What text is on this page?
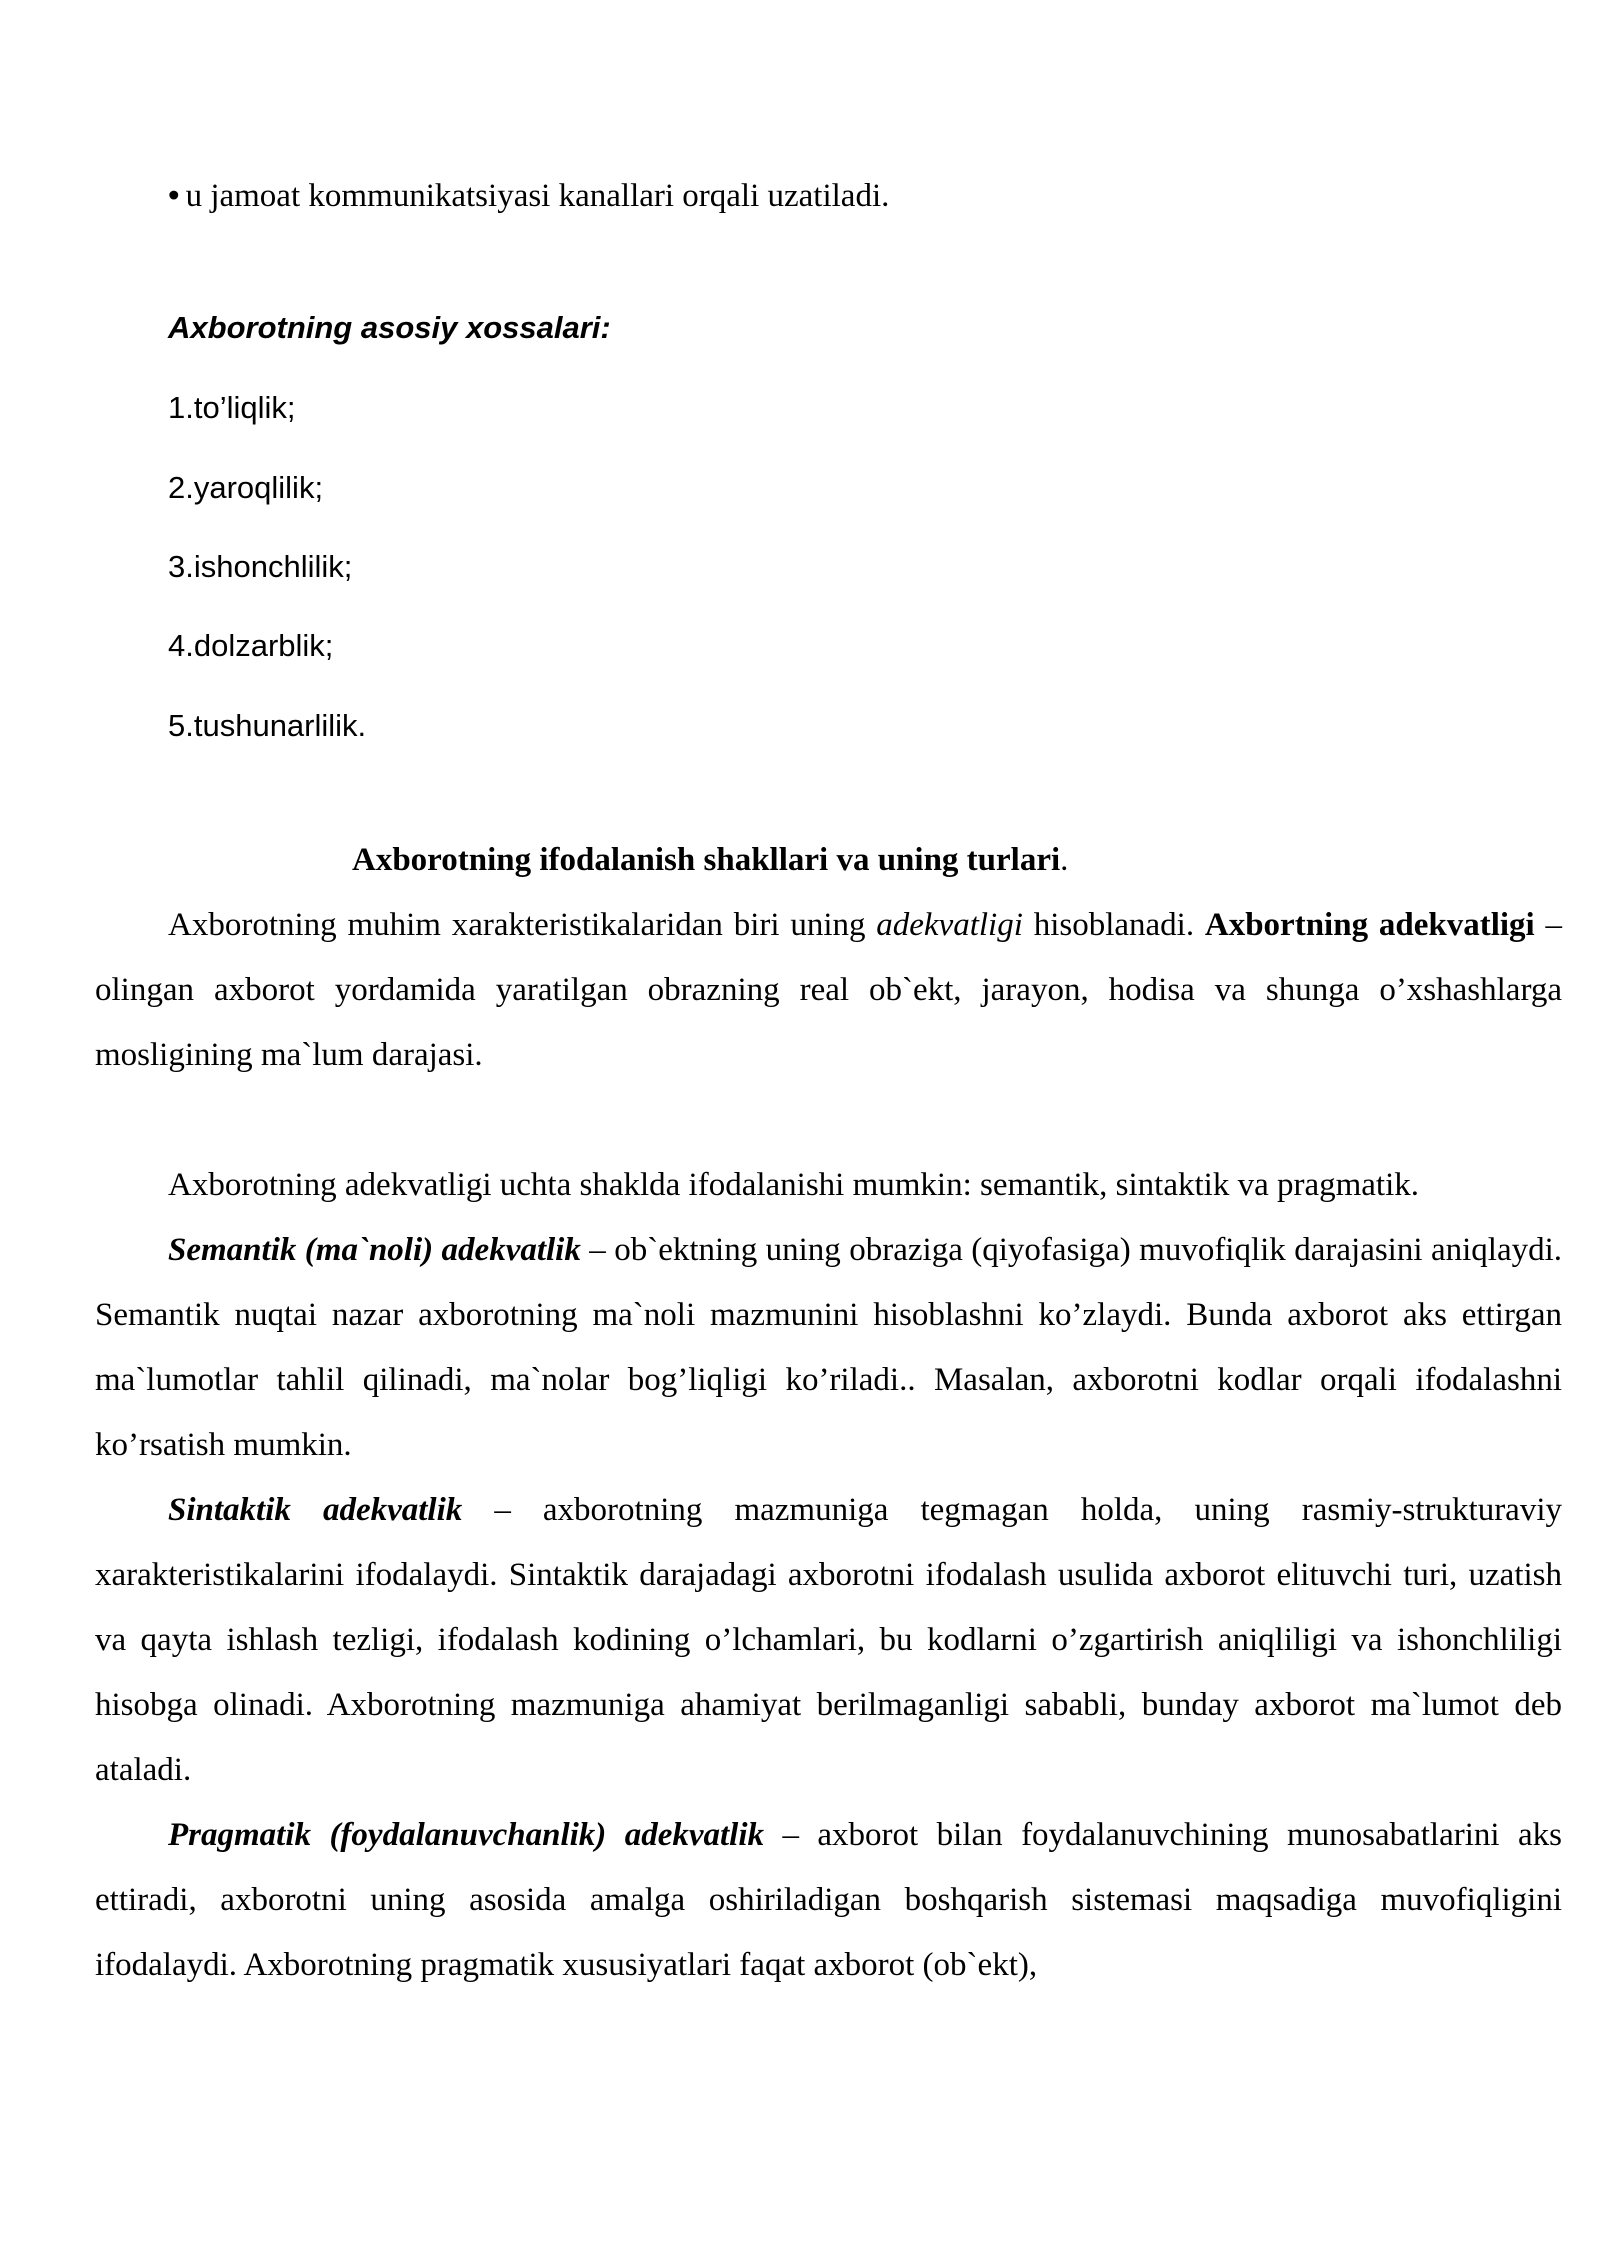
• u jamoat kommunikatsiyasi kanallari orqali uzatiladi.
Axborotning asosiy xossalari:
1.to’liqlik;
2.yaroqlilik;
3.ishonchlilik;
4.dolzarblik;
5.tushunarlilik.
Axborotning ifodalanish shakllari va uning turlari.

Axborotning muhim xarakteristikalaridan biri uning adekvatligi hisoblanadi. Axbortning adekvatligi – olingan axborot yordamida yaratilgan obrazning real ob`ekt, jarayon, hodisa va shunga o’xshashlarga mosligining ma`lum darajasi.

Axborotning adekvatligi uchta shaklda ifodalanishi mumkin: semantik, sintaktik va pragmatik.

Semantik (ma`noli) adekvatlik – ob`ektning uning obraziga (qiyofasiga) muvofiqlik darajasini aniqlaydi. Semantik nuqtai nazar axborotning ma`noli mazmunini hisoblashni ko’zlaydi. Bunda axborot aks ettirgan ma`lumotlar tahlil qilinadi, ma`nolar bog’liqligi ko’riladi.. Masalan, axborotni kodlar orqali ifodalashni ko’rsatish mumkin.

Sintaktik adekvatlik – axborotning mazmuniga tegmagan holda, uning rasmiy-strukturaviy xarakteristikalarini ifodalaydi. Sintaktik darajadagi axborotni ifodalash usulida axborot elituvchi turi, uzatish va qayta ishlash tezligi, ifodalash kodining o’lchamlari, bu kodlarni o’zgartirish aniqliligi va ishonchliligi hisobga olinadi. Axborotning mazmuniga ahamiyat berilmaganligi sababli, bunday axborot ma`lumot deb ataladi.

Pragmatik (foydalanuvchanlik) adekvatlik – axborot bilan foydalanuvchining munosabatlarini aks ettiradi, axborotni uning asosida amalga oshiriladigan boshqarish sistemasi maqsadiga muvofiqligini ifodalaydi. Axborotning pragmatik xususiyatlari faqat axborot (ob`ekt),
